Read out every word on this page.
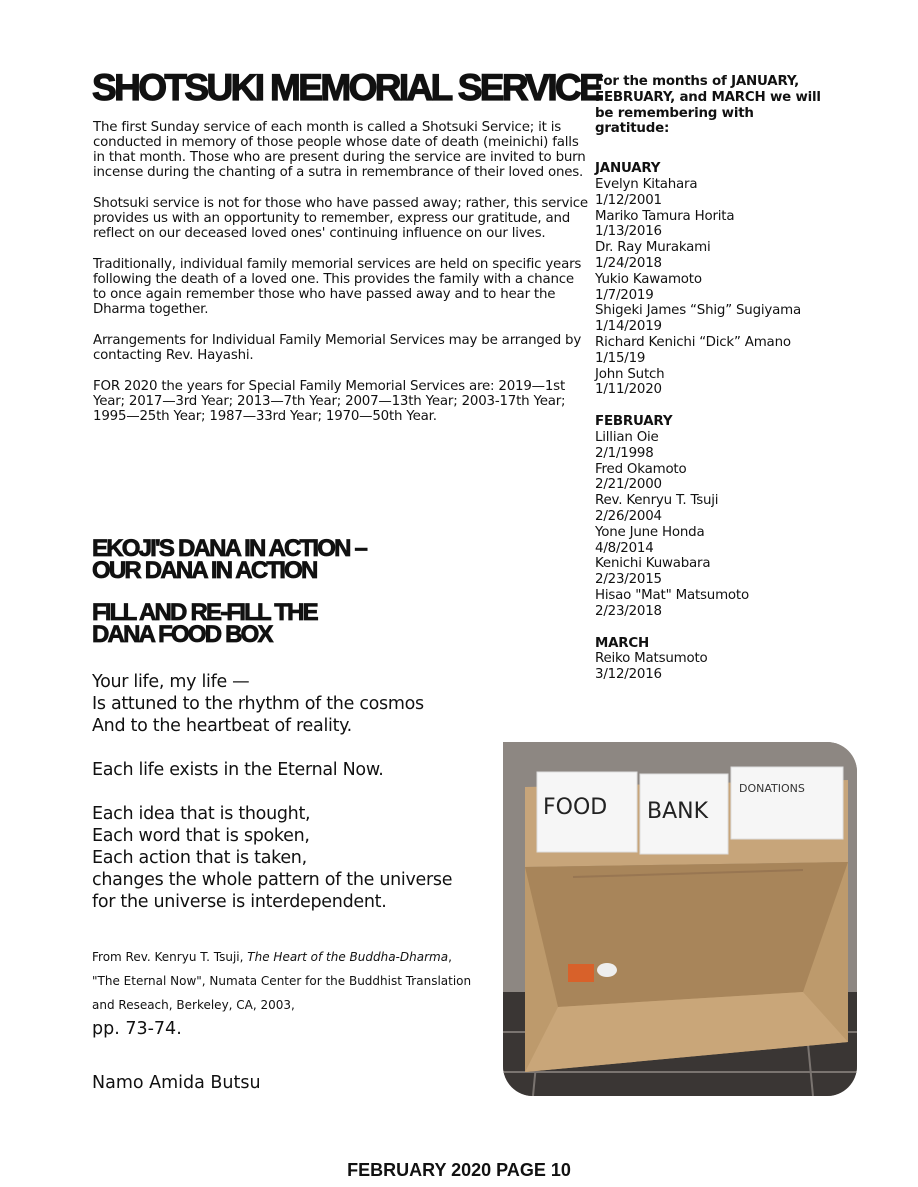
SHOTSUKI MEMORIAL SERVICE

The first Sunday service of each month is called a Shotsuki Service; it is conducted in memory of those people whose date of death (meinichi) falls in that month. Those who are present during the service are invited to burn incense during the chanting of a sutra in remembrance of their loved ones.

Shotsuki service is not for those who have passed away; rather, this service provides us with an opportunity to remember, express our gratitude, and reflect on our deceased loved ones' continuing influence on our lives.

Traditionally, individual family memorial services are held on specific years following the death of a loved one. This provides the family with a chance to once again remember those who have passed away and to hear the Dharma together.

Arrangements for Individual Family Memorial Services may be arranged by contacting Rev. Hayashi.

FOR 2020 the years for Special Family Memorial Services are: 2019—1st Year; 2017—3rd Year; 2013—7th Year; 2007—13th Year; 2003-17th Year; 1995—25th Year; 1987—33rd Year; 1970—50th Year.

EKOJI'S DANA IN ACTION – OUR DANA IN ACTION

FILL AND RE-FILL THE DANA FOOD BOX

Your life, my life —
Is attuned to the rhythm of the cosmos
And to the heartbeat of reality.

Each life exists in the Eternal Now.

Each idea that is thought,
Each word that is spoken,
Each action that is taken,
changes the whole pattern of the universe
for the universe is interdependent.

From Rev. Kenryu T. Tsuji, The Heart of the Buddha-Dharma, "The Eternal Now", Numata Center for the Buddhist Translation and Reseach, Berkeley, CA, 2003,
pp. 73-74.
Namo Amida Butsu
For the months of JANUARY, FEBRUARY, and MARCH we will be remembering with gratitude:
JANUARY
Evelyn Kitahara
1/12/2001
Mariko Tamura Horita
1/13/2016
Dr. Ray Murakami
1/24/2018
Yukio Kawamoto
1/7/2019
Shigeki James “Shig” Sugiyama
1/14/2019
Richard Kenichi “Dick” Amano
1/15/19
John Sutch
1/11/2020
FEBRUARY
Lillian Oie
2/1/1998
Fred Okamoto
2/21/2000
Rev. Kenryu T. Tsuji
2/26/2004
Yone June Honda
4/8/2014
Kenichi Kuwabara
2/23/2015
Hisao "Mat" Matsumoto
2/23/2018
MARCH
Reiko Matsumoto
3/12/2016
FOOD BANK
DONATIONS
FEBRUARY 2020 PAGE 10
